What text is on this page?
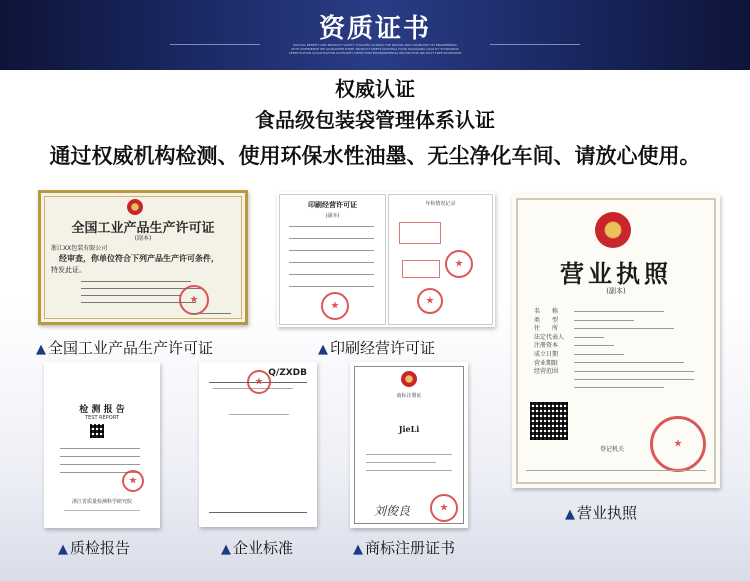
资质证书
MUTUAL BENEFIT AND PRODUCT SAFETY TOUCHED ACROSS THE NATION AND COMMUNITY BY ENGINEERING
WITH EXPERIENCE WE GUARANTEE EVERY PRODUCT MEETS NATIONAL FOOD PACKAGING QUALITY STANDARDS
CERTIFICATION QUALIFICATION AUTHORITY DETECTION ENVIRONMENTAL PROTECTION INK DUST FREE WORKSHOP
权威认证
食品级包装袋管理体系认证
通过权威机构检测、使用环保水性油墨、无尘净化车间、请放心使用。
全国工业产品生产许可证
(副本)
浙江XX包装有限公司
经审查，你单位符合下列产品生产许可条件，
特发此证。
★
▲ 全国工业产品生产许可证
印刷经营许可证
(副本)
★
年检情况记录
★
★
▲ 印刷经营许可证
营业执照
(副本)
名　　称
类　　型
住　　所
法定代表人
注册资本
成立日期
营业期限
经营范围
★
登记机关
▲ 营业执照
检 测 报 告
TEST REPORT
★
浙江省质量检测科学研究院
▲ 质检报告
Q/ZXDB
★
▲ 企业标准
商标注册证
JieLi
刘俊良
★
▲ 商标注册证书
